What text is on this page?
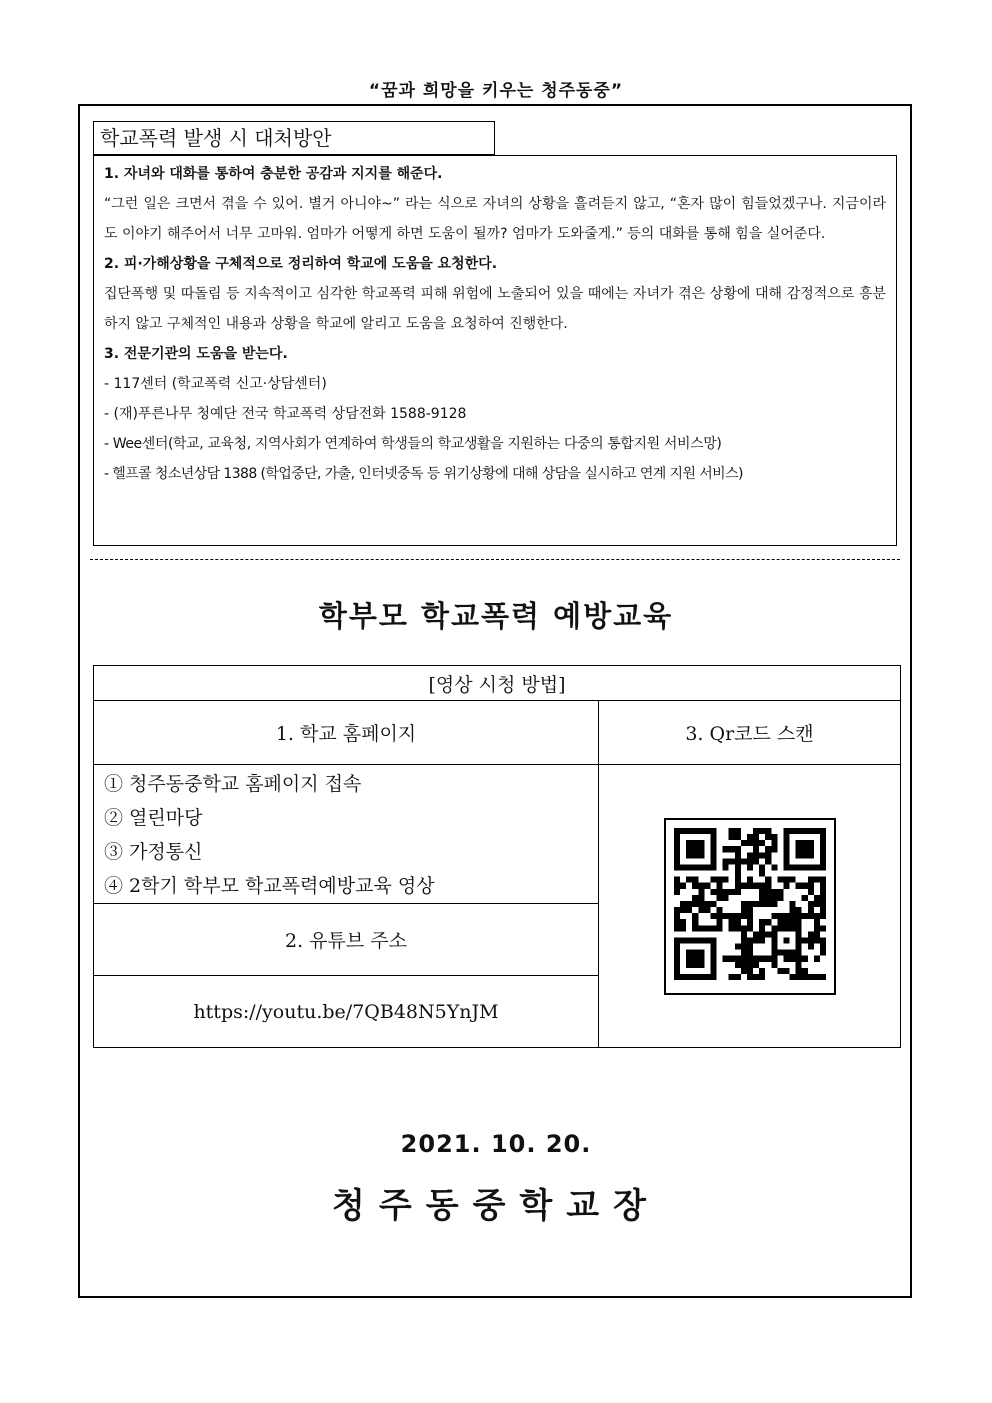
“꿈과 희망을 키우는 청주동중”
학교폭력 발생 시 대처방안

1. 자녀와 대화를 통하여 충분한 공감과 지지를 해준다.

“그런 일은 크면서 겪을 수 있어. 별거 아니야~” 라는 식으로 자녀의 상황을 흘려듣지 않고, “혼자 많이 힘들었겠구나. 지금이라도 이야기 해주어서 너무 고마워. 엄마가 어떻게 하면 도움이 될까? 엄마가 도와줄게.” 등의 대화를 통해 힘을 실어준다.

2. 피·가해상황을 구체적으로 정리하여 학교에 도움을 요청한다.

집단폭행 및 따돌림 등 지속적이고 심각한 학교폭력 피해 위험에 노출되어 있을 때에는 자녀가 겪은 상황에 대해 감정적으로 흥분하지 않고 구체적인 내용과 상황을 학교에 알리고 도움을 요청하여 진행한다.

3. 전문기관의 도움을 받는다.

- 117센터 (학교폭력 신고·상담센터)

- (재)푸른나무 청예단 전국 학교폭력 상담전화 1588-9128

- Wee센터(학교, 교육청, 지역사회가 연계하여 학생들의 학교생활을 지원하는 다중의 통합지원 서비스망)

- 헬프콜 청소년상담 1388 (학업중단, 가출, 인터넷중독 등 위기상황에 대해 상담을 실시하고 연계 지원 서비스)

학부모 학교폭력 예방교육
[영상 시청 방법]	
1. 학교 홈페이지	3. Qr코드 스캔

① 청주동중학교 홈페이지 접속
② 열린마당
③ 가정통신
④ 2학기 학부모 학교폭력예방교육 영상

2. 유튜브 주소	
https://youtu.be/7QB48N5YnJM	
2021. 10. 20.
청주동중학교장
